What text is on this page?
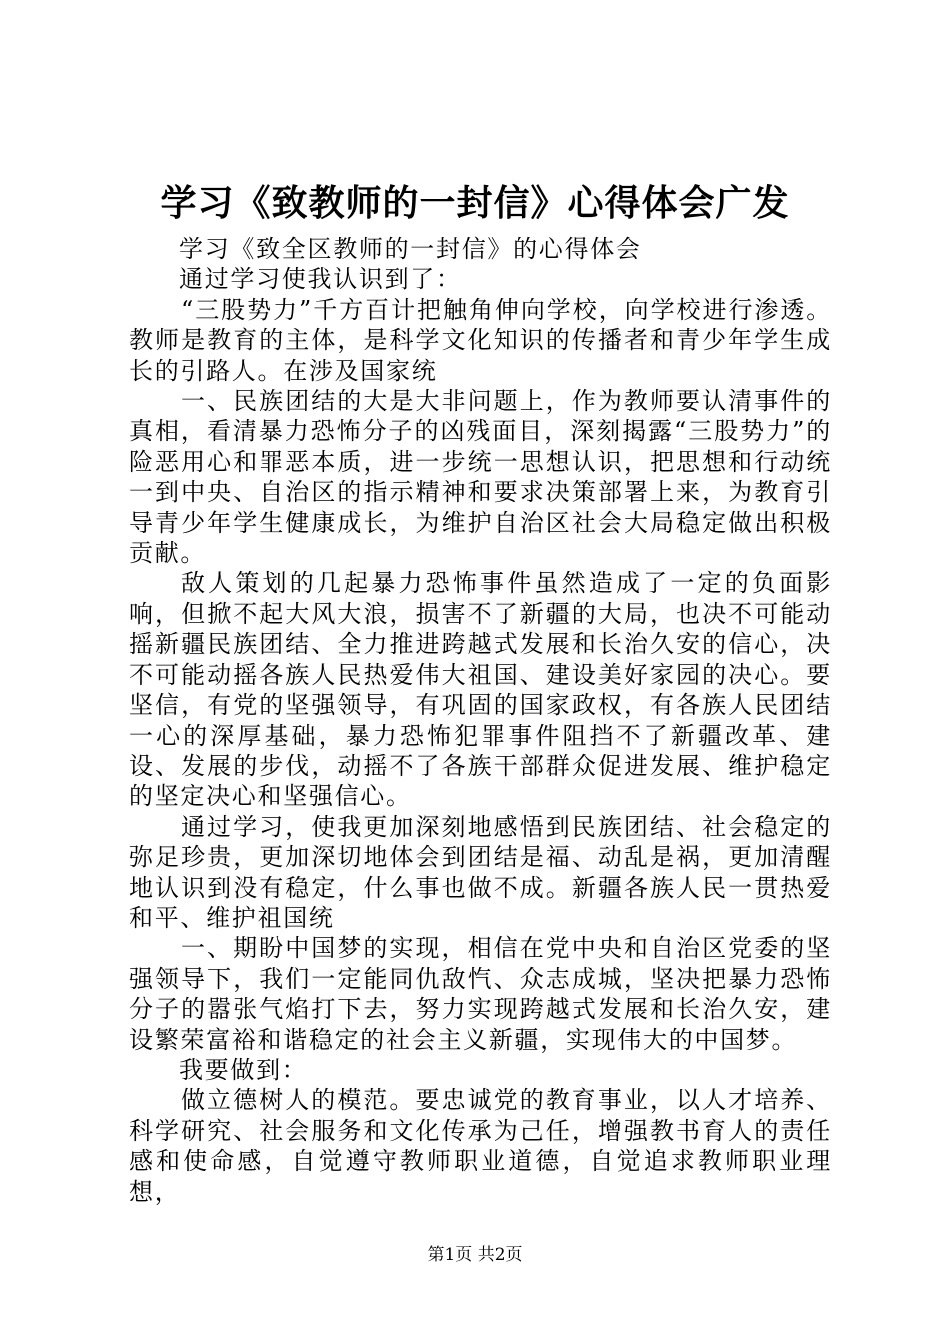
学习《致教师的一封信》心得体会广发

学习《致全区教师的一封信》的心得体会

通过学习使我认识到了：

“三股势力”千方百计把触角伸向学校，向学校进行渗透。教师是教育的主体，是科学文化知识的传播者和青少年学生成长的引路人。在涉及国家统

一、民族团结的大是大非问题上，作为教师要认清事件的真相，看清暴力恐怖分子的凶残面目，深刻揭露“三股势力”的险恶用心和罪恶本质，进一步统一思想认识，把思想和行动统一到中央、自治区的指示精神和要求决策部署上来，为教育引导青少年学生健康成长，为维护自治区社会大局稳定做出积极贡献。

敌人策划的几起暴力恐怖事件虽然造成了一定的负面影响，但掀不起大风大浪，损害不了新疆的大局，也决不可能动摇新疆民族团结、全力推进跨越式发展和长治久安的信心，决不可能动摇各族人民热爱伟大祖国、建设美好家园的决心。要坚信，有党的坚强领导，有巩固的国家政权，有各族人民团结一心的深厚基础，暴力恐怖犯罪事件阻挡不了新疆改革、建设、发展的步伐，动摇不了各族干部群众促进发展、维护稳定的坚定决心和坚强信心。

通过学习，使我更加深刻地感悟到民族团结、社会稳定的弥足珍贵，更加深切地体会到团结是福、动乱是祸，更加清醒地认识到没有稳定，什么事也做不成。新疆各族人民一贯热爱和平、维护祖国统

一、期盼中国梦的实现，相信在党中央和自治区党委的坚强领导下，我们一定能同仇敌忾、众志成城，坚决把暴力恐怖分子的嚣张气焰打下去，努力实现跨越式发展和长治久安，建设繁荣富裕和谐稳定的社会主义新疆，实现伟大的中国梦。

我要做到：

做立德树人的模范。要忠诚党的教育事业，以人才培养、科学研究、社会服务和文化传承为己任，增强教书育人的责任感和使命感，自觉遵守教师职业道德，自觉追求教师职业理想，

第1页 共2页
